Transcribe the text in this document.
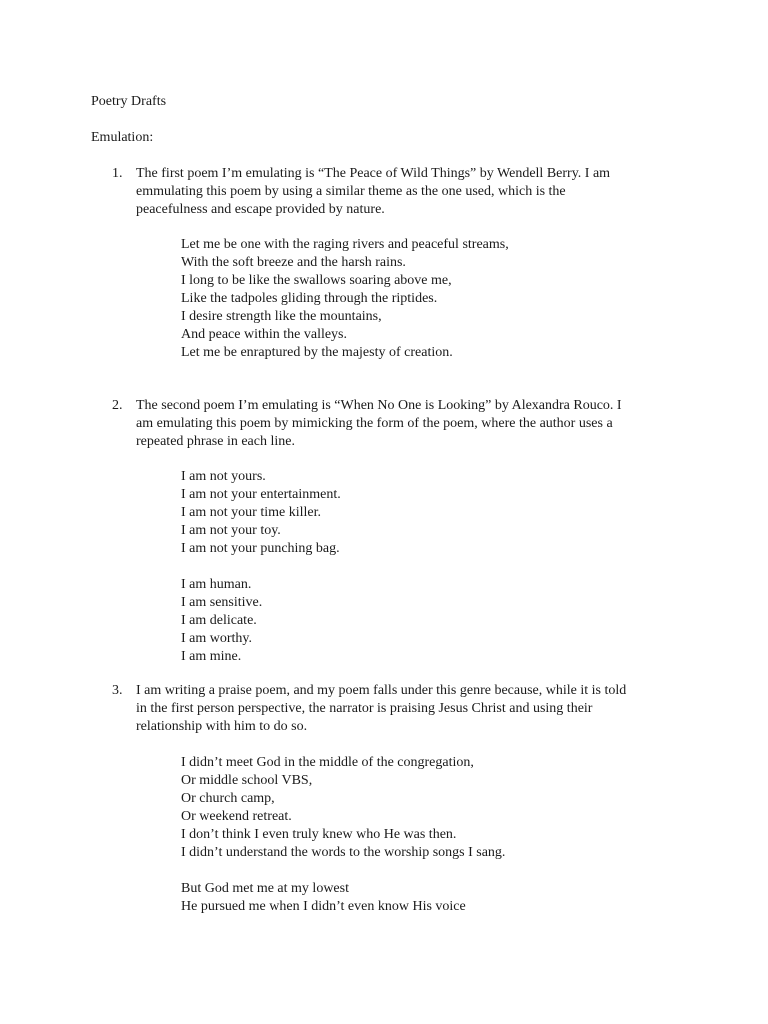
Poetry Drafts

Emulation:

1. The first poem I’m emulating is “The Peace of Wild Things” by Wendell Berry. I am
emmulating this poem by using a similar theme as the one used, which is the
peacefulness and escape provided by nature.
Let me be one with the raging rivers and peaceful streams,
With the soft breeze and the harsh rains.
I long to be like the swallows soaring above me,
Like the tadpoles gliding through the riptides.
I desire strength like the mountains,
And peace within the valleys.
Let me be enraptured by the majesty of creation.
2. The second poem I’m emulating is “When No One is Looking” by Alexandra Rouco. I
am emulating this poem by mimicking the form of the poem, where the author uses a
repeated phrase in each line.
I am not yours.
I am not your entertainment.
I am not your time killer.
I am not your toy.
I am not your punching bag.
I am human.
I am sensitive.
I am delicate.
I am worthy.
I am mine.
3. I am writing a praise poem, and my poem falls under this genre because, while it is told
in the first person perspective, the narrator is praising Jesus Christ and using their
relationship with him to do so.
I didn’t meet God in the middle of the congregation,
Or middle school VBS,
Or church camp,
Or weekend retreat.
I don’t think I even truly knew who He was then.
I didn’t understand the words to the worship songs I sang.
But God met me at my lowest
He pursued me when I didn’t even know His voice
